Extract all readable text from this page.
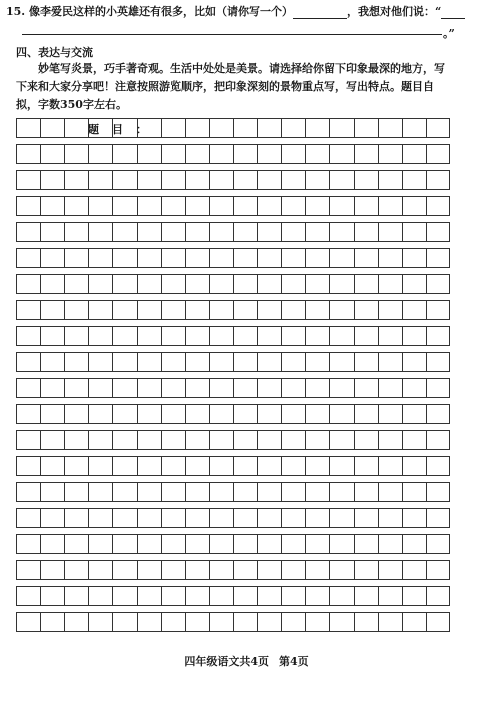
15. 像李爱民这样的小英雄还有很多，比如（请你写一个）	，我想对他们说：“
。”
四、表达与交流

妙笔写炎景，巧手著奇观。生活中处处是美景。请选择给你留下印象最深的地方，写

下来和大家分享吧！注意按照游览顺序，把印象深刻的景物重点写，写出特点。题目自

拟，字数350字左右。

题 目 ：
四年级语文共4页 第4页
